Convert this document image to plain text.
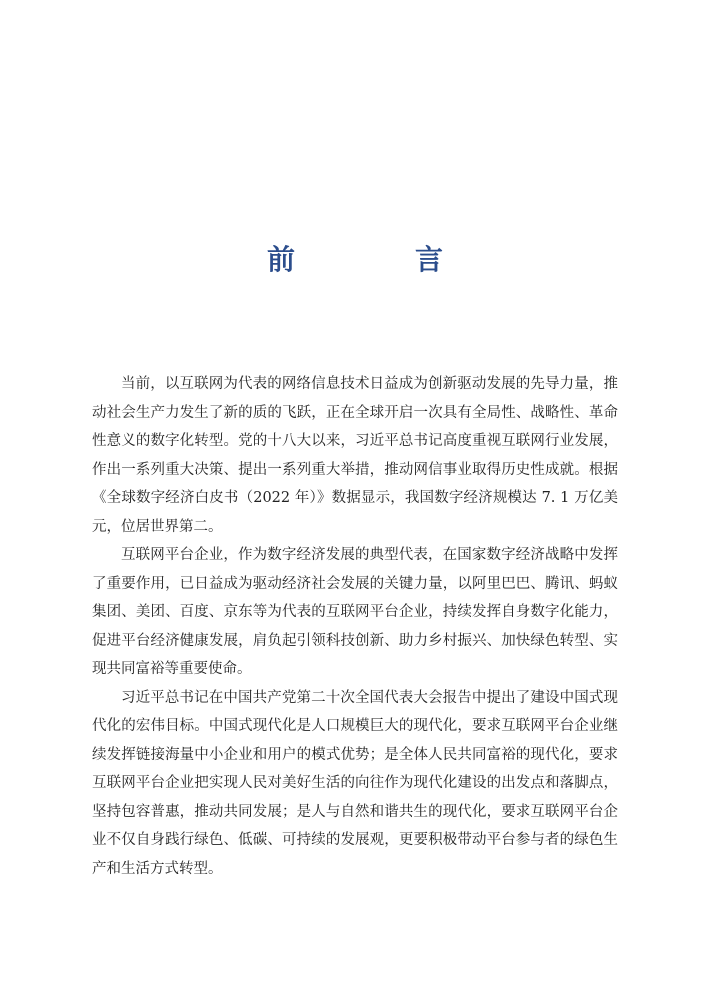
前　言

当前，以互联网为代表的网络信息技术日益成为创新驱动发展的先导力量，推动社会生产力发生了新的质的飞跃，正在全球开启一次具有全局性、战略性、革命性意义的数字化转型。党的十八大以来，习近平总书记高度重视互联网行业发展，作出一系列重大决策、提出一系列重大举措，推动网信事业取得历史性成就。根据《全球数字经济白皮书（2022 年）》数据显示，我国数字经济规模达 7. 1 万亿美元，位居世界第二。

互联网平台企业，作为数字经济发展的典型代表，在国家数字经济战略中发挥了重要作用，已日益成为驱动经济社会发展的关键力量，以阿里巴巴、腾讯、蚂蚁集团、美团、百度、京东等为代表的互联网平台企业，持续发挥自身数字化能力，促进平台经济健康发展，肩负起引领科技创新、助力乡村振兴、加快绿色转型、实现共同富裕等重要使命。

习近平总书记在中国共产党第二十次全国代表大会报告中提出了建设中国式现代化的宏伟目标。中国式现代化是人口规模巨大的现代化，要求互联网平台企业继续发挥链接海量中小企业和用户的模式优势；是全体人民共同富裕的现代化，要求互联网平台企业把实现人民对美好生活的向往作为现代化建设的出发点和落脚点，坚持包容普惠，推动共同发展；是人与自然和谐共生的现代化，要求互联网平台企业不仅自身践行绿色、低碳、可持续的发展观，更要积极带动平台参与者的绿色生产和生活方式转型。
